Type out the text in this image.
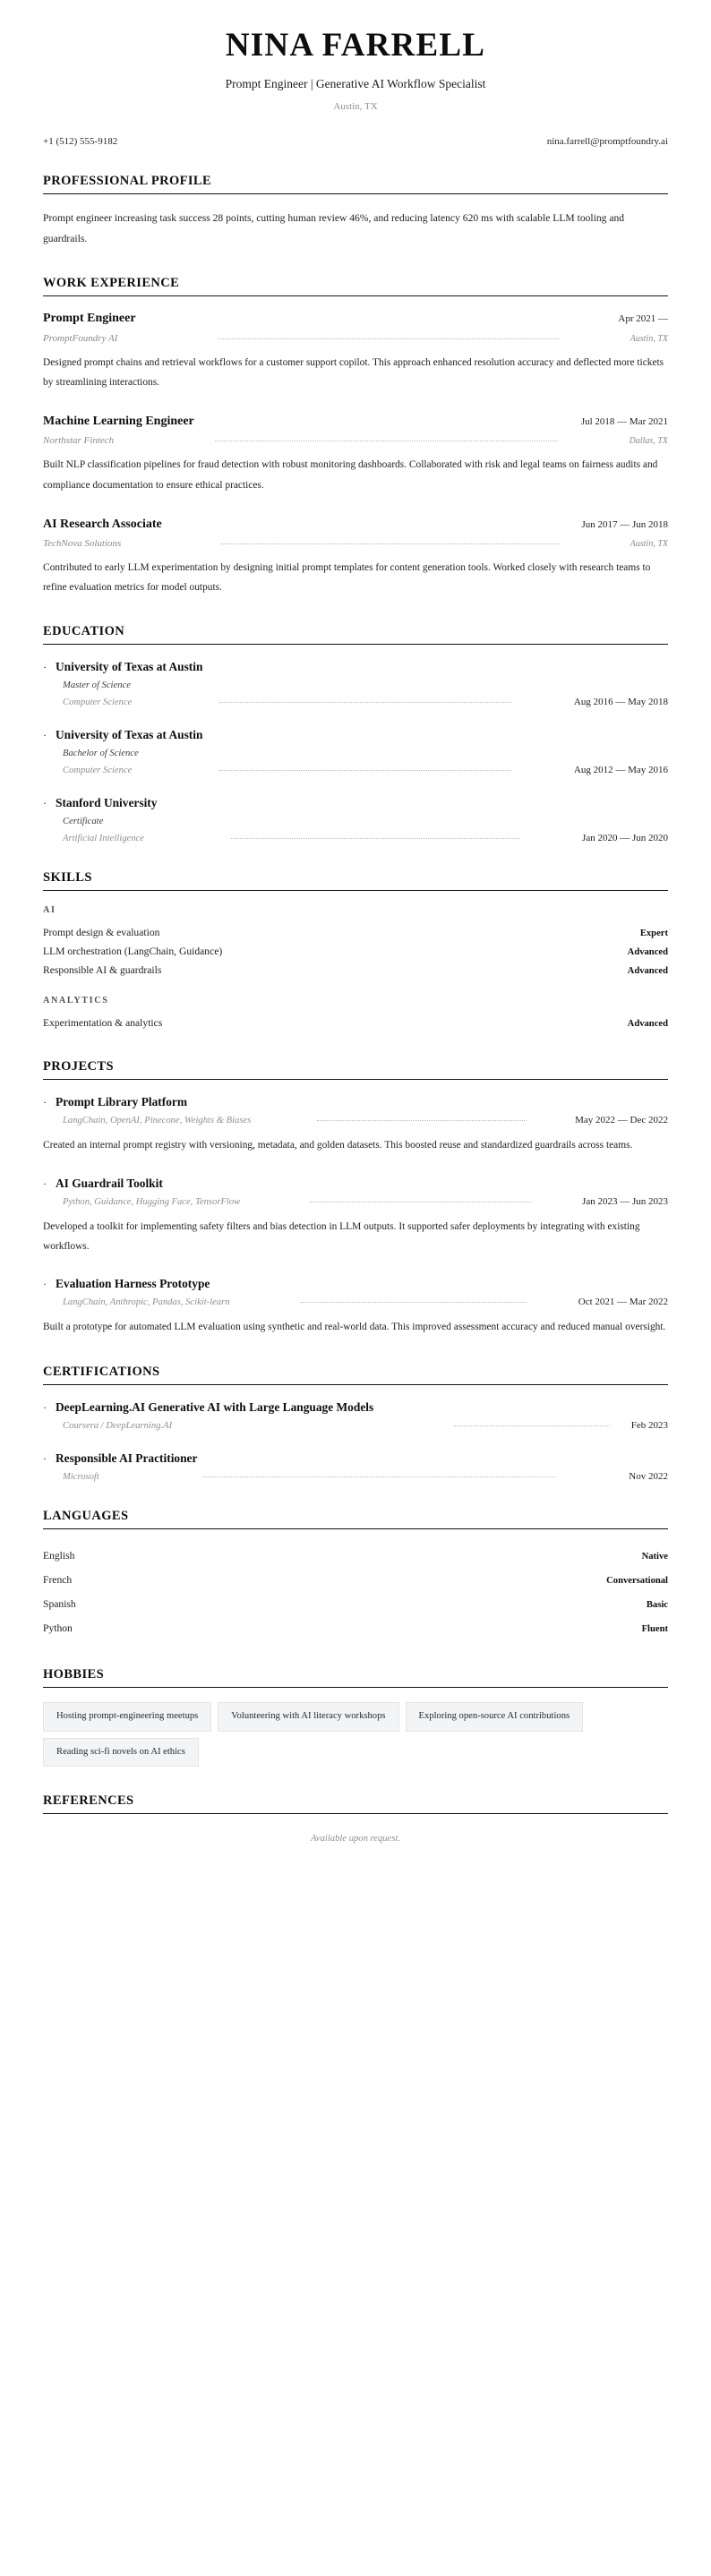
NINA FARRELL
Prompt Engineer | Generative AI Workflow Specialist
Austin, TX
+1 (512) 555-9182	nina.farrell@promptfoundry.ai
PROFESSIONAL PROFILE

Prompt engineer increasing task success 28 points, cutting human review 46%, and reducing latency 620 ms with scalable LLM tooling and guardrails.

WORK EXPERIENCE
Prompt Engineer	Apr 2021 —
PromptFoundry AI	Austin, TX

Designed prompt chains and retrieval workflows for a customer support copilot. This approach enhanced resolution accuracy and deflected more tickets by streamlining interactions.

Machine Learning Engineer	Jul 2018 — Mar 2021
Northstar Fintech	Dallas, TX

Built NLP classification pipelines for fraud detection with robust monitoring dashboards. Collaborated with risk and legal teams on fairness audits and compliance documentation to ensure ethical practices.

AI Research Associate	Jun 2017 — Jun 2018
TechNova Solutions	Austin, TX

Contributed to early LLM experimentation by designing initial prompt templates for content generation tools. Worked closely with research teams to refine evaluation metrics for model outputs.

EDUCATION
· University of Texas at Austin
Master of Science
Computer Science	Aug 2016 — May 2018
· University of Texas at Austin
Bachelor of Science
Computer Science	Aug 2012 — May 2016
· Stanford University
Certificate
Artificial Intelligence	Jan 2020 — Jun 2020
SKILLS
AI
Prompt design & evaluation	Expert
LLM orchestration (LangChain, Guidance)	Advanced
Responsible AI & guardrails	Advanced
ANALYTICS
Experimentation & analytics	Advanced
PROJECTS
· Prompt Library Platform
LangChain, OpenAI, Pinecone, Weights & Biases	May 2022 — Dec 2022

Created an internal prompt registry with versioning, metadata, and golden datasets. This boosted reuse and standardized guardrails across teams.

· AI Guardrail Toolkit
Python, Guidance, Hugging Face, TensorFlow	Jan 2023 — Jun 2023

Developed a toolkit for implementing safety filters and bias detection in LLM outputs. It supported safer deployments by integrating with existing workflows.

· Evaluation Harness Prototype
LangChain, Anthropic, Pandas, Scikit-learn	Oct 2021 — Mar 2022

Built a prototype for automated LLM evaluation using synthetic and real-world data. This improved assessment accuracy and reduced manual oversight.

CERTIFICATIONS
· DeepLearning.AI Generative AI with Large Language Models
Coursera / DeepLearning.AI	Feb 2023
· Responsible AI Practitioner
Microsoft	Nov 2022
LANGUAGES
English	Native
French	Conversational
Spanish	Basic
Python	Fluent
HOBBIES
Hosting prompt-engineering meetups	Volunteering with AI literacy workshops	Exploring open-source AI contributions
Reading sci-fi novels on AI ethics
REFERENCES

Available upon request.
